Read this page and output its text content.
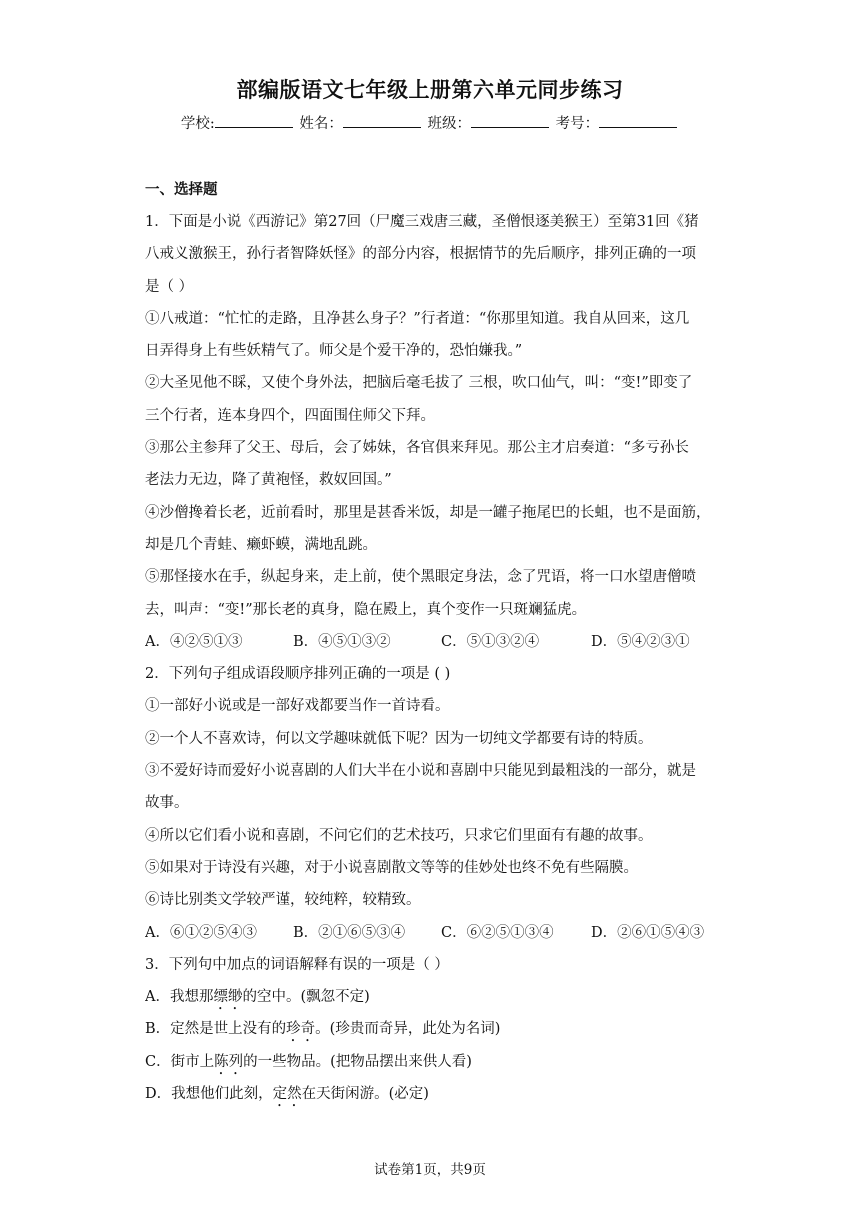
部编版语文七年级上册第六单元同步练习
学校:	姓名：	班级：	考号：
一、选择题
1．下面是小说《西游记》第27回（尸魔三戏唐三藏，圣僧恨逐美猴王）至第31回《猪
八戒义激猴王，孙行者智降妖怪》的部分内容，根据情节的先后顺序，排列正确的一项
是（ ）
①八戒道：“忙忙的走路，且净甚么身子？”行者道：“你那里知道。我自从回来，这几
日弄得身上有些妖精气了。师父是个爱干净的，恐怕嫌我。”
②大圣见他不睬，又使个身外法，把脑后毫毛拔了 三根，吹口仙气，叫：“变!”即变了
三个行者，连本身四个，四面围住师父下拜。
③那公主参拜了父王、母后，会了姊妹，各官俱来拜见。那公主才启奏道：“多亏孙长
老法力无边，降了黄袍怪，救奴回国。”
④沙僧搀着长老，近前看时，那里是甚香米饭，却是一罐子拖尾巴的长蛆，也不是面筋，
却是几个青蛙、癞虾蟆，满地乱跳。
⑤那怪接水在手，纵起身来，走上前，使个黑眼定身法，念了咒语，将一口水望唐僧喷
去，叫声：“变!”那长老的真身，隐在殿上，真个变作一只斑斓猛虎。
A．④②⑤①③	B．④⑤①③②	C．⑤①③②④	D．⑤④②③①
2．下列句子组成语段顺序排列正确的一项是 ( )
①一部好小说或是一部好戏都要当作一首诗看。
②一个人不喜欢诗，何以文学趣味就低下呢？因为一切纯文学都要有诗的特质。
③不爱好诗而爱好小说喜剧的人们大半在小说和喜剧中只能见到最粗浅的一部分，就是
故事。
④所以它们看小说和喜剧，不问它们的艺术技巧，只求它们里面有有趣的故事。
⑤如果对于诗没有兴趣，对于小说喜剧散文等等的佳妙处也终不免有些隔膜。
⑥诗比别类文学较严谨，较纯粹，较精致。
A．⑥①②⑤④③	B．②①⑥⑤③④	C．⑥②⑤①③④	D．②⑥①⑤④③
3．下列句中加点的词语解释有误的一项是（ ）
A．我想那缥缈的空中。(飘忽不定)
B．定然是世上没有的珍奇。(珍贵而奇异，此处为名词)
C．街市上陈列的一些物品。(把物品摆出来供人看)
D．我想他们此刻，定然在天街闲游。(必定)
试卷第1页，共9页
